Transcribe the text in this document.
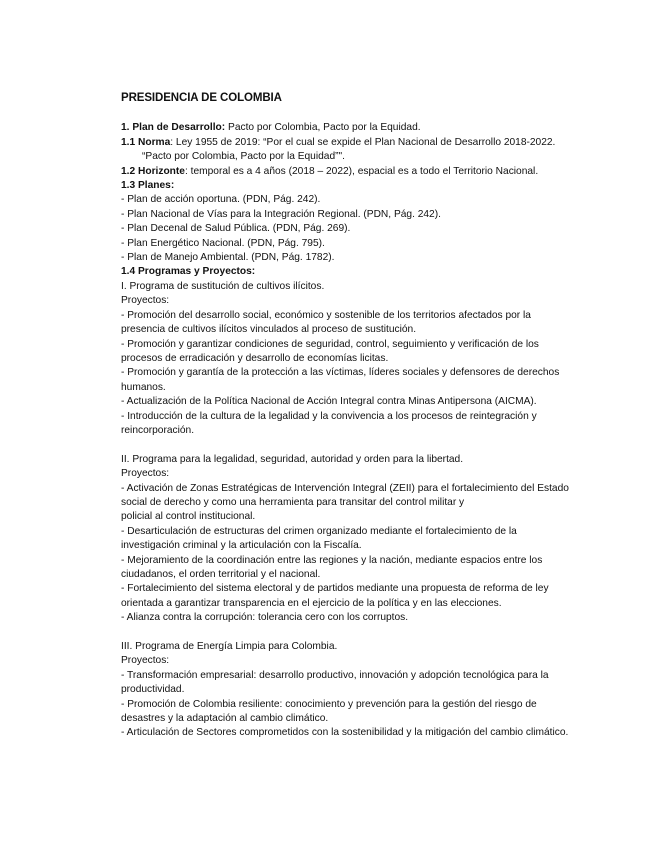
PRESIDENCIA DE COLOMBIA

1. Plan de Desarrollo: Pacto por Colombia, Pacto por la Equidad.

1.1 Norma: Ley 1955 de 2019: “Por el cual se expide el Plan Nacional de Desarrollo 2018-2022.

“Pacto por Colombia, Pacto por la Equidad”".

1.2 Horizonte: temporal es a 4 años (2018 – 2022), espacial es a todo el Territorio Nacional.

1.3 Planes:

- Plan de acción oportuna. (PDN, Pág. 242).

- Plan Nacional de Vías para la Integración Regional. (PDN, Pág. 242).

- Plan Decenal de Salud Pública. (PDN, Pág. 269).

- Plan Energético Nacional. (PDN, Pág. 795).

- Plan de Manejo Ambiental. (PDN, Pág. 1782).

1.4 Programas y Proyectos:

I. Programa de sustitución de cultivos ilícitos.

Proyectos:

- Promoción del desarrollo social, económico y sostenible de los territorios afectados por la

presencia de cultivos ilícitos vinculados al proceso de sustitución.

- Promoción y garantizar condiciones de seguridad, control, seguimiento y verificación de los

procesos de erradicación y desarrollo de economías licitas.

- Promoción y garantía de la protección a las víctimas, líderes sociales y defensores de derechos

humanos.

- Actualización de la Política Nacional de Acción Integral contra Minas Antipersona (AICMA).

- Introducción de la cultura de la legalidad y la convivencia a los procesos de reintegración y

reincorporación.

II. Programa para la legalidad, seguridad, autoridad y orden para la libertad.

Proyectos:

- Activación de Zonas Estratégicas de Intervención Integral (ZEII) para el fortalecimiento del Estado

social de derecho y como una herramienta para transitar del control militar y

policial al control institucional.

- Desarticulación de estructuras del crimen organizado mediante el fortalecimiento de la

investigación criminal y la articulación con la Fiscalía.

- Mejoramiento de la coordinación entre las regiones y la nación, mediante espacios entre los

ciudadanos, el orden territorial y el nacional.

- Fortalecimiento del sistema electoral y de partidos mediante una propuesta de reforma de ley

orientada a garantizar transparencia en el ejercicio de la política y en las elecciones.

- Alianza contra la corrupción: tolerancia cero con los corruptos.

III. Programa de Energía Limpia para Colombia.

Proyectos:

- Transformación empresarial: desarrollo productivo, innovación y adopción tecnológica para la

productividad.

- Promoción de Colombia resiliente: conocimiento y prevención para la gestión del riesgo de

desastres y la adaptación al cambio climático.

- Articulación de Sectores comprometidos con la sostenibilidad y la mitigación del cambio climático.
